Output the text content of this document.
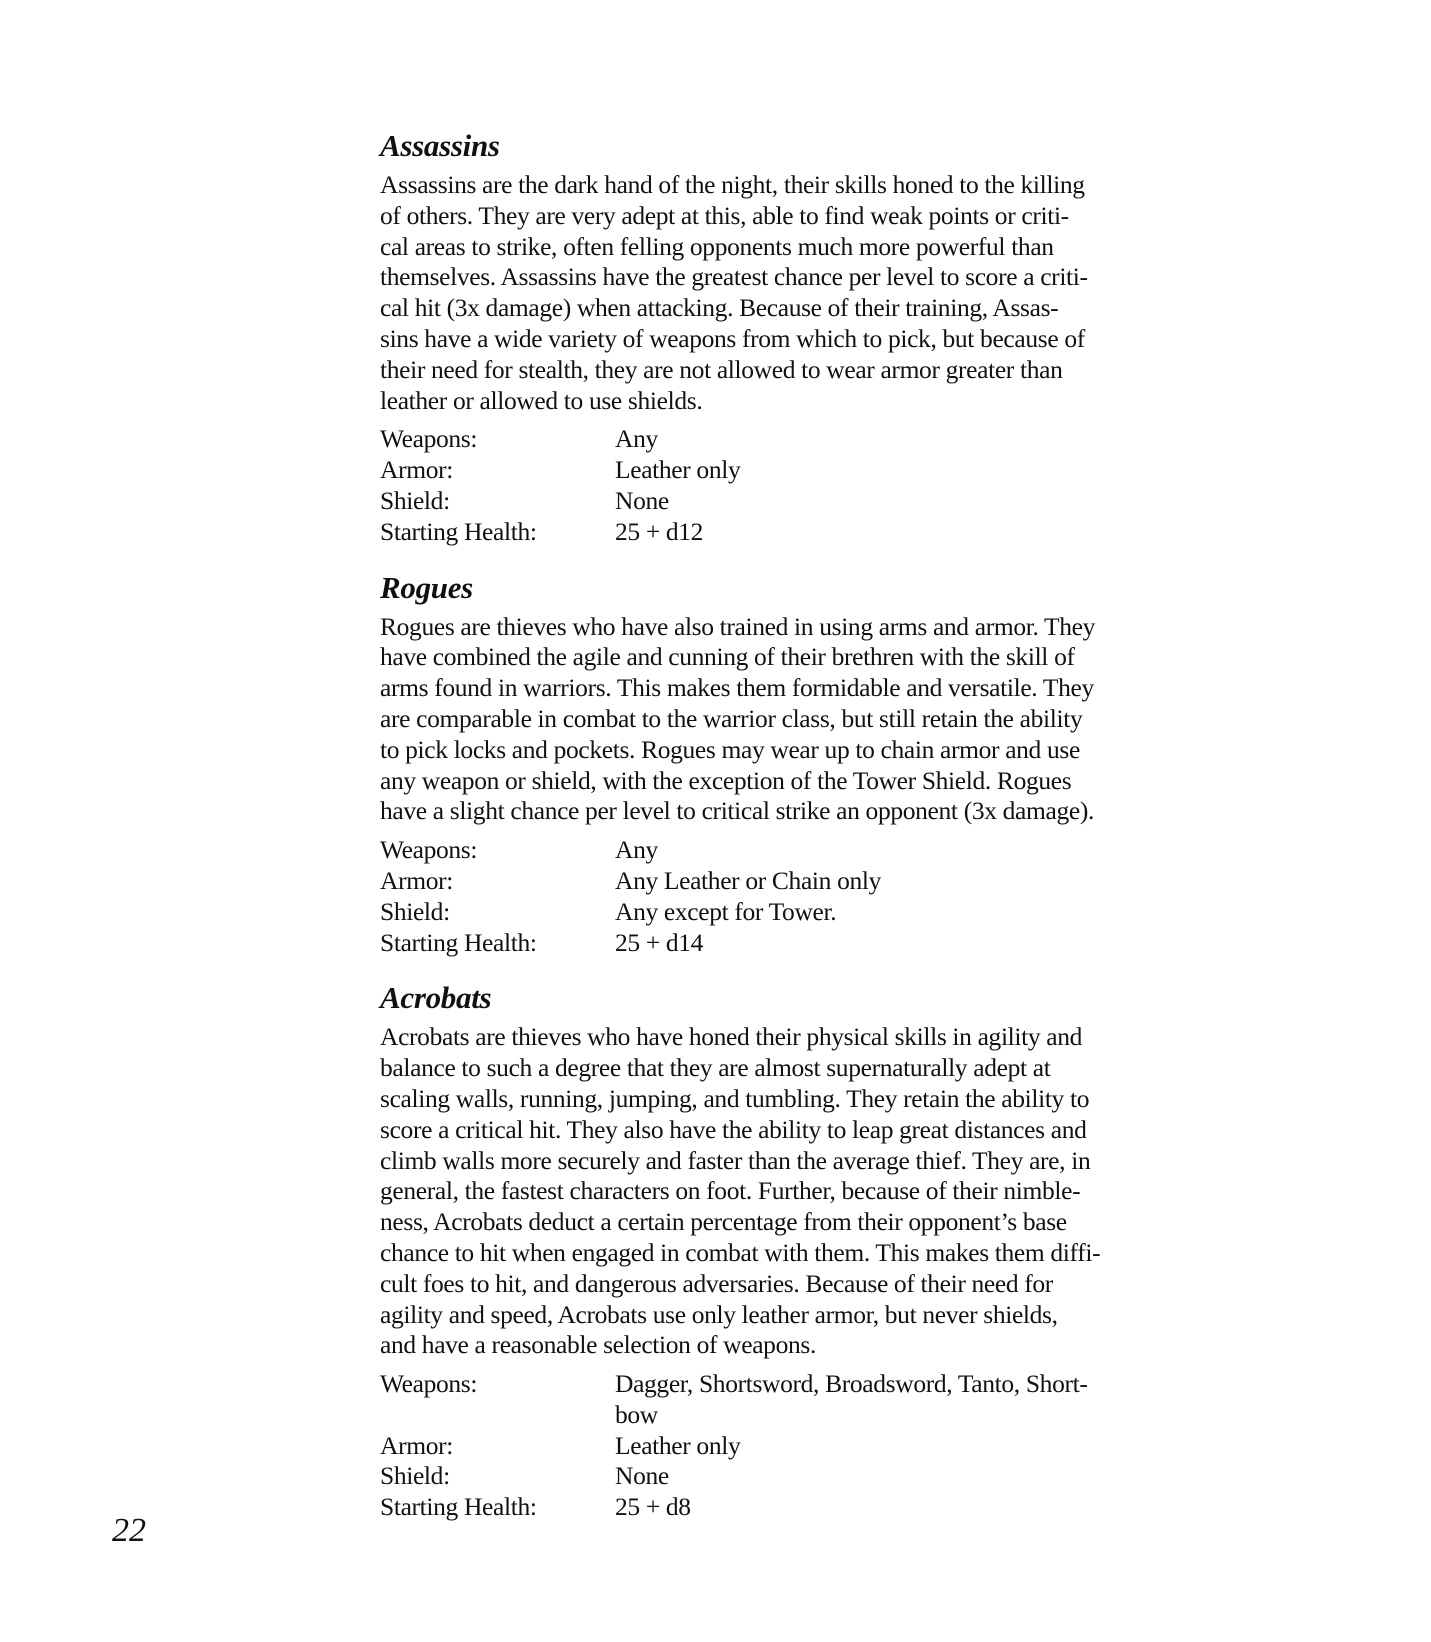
Assassins

Assassins are the dark hand of the night, their skills honed to the killing
of others. They are very adept at this, able to find weak points or criti-
cal areas to strike, often felling opponents much more powerful than
themselves. Assassins have the greatest chance per level to score a criti-
cal hit (3x damage) when attacking. Because of their training, Assas-
sins have a wide variety of weapons from which to pick, but because of
their need for stealth, they are not allowed to wear armor greater than
leather or allowed to use shields.

Weapons:	Any
Armor:	Leather only
Shield:	None
Starting Health:	25 + d12
Rogues

Rogues are thieves who have also trained in using arms and armor. They
have combined the agile and cunning of their brethren with the skill of
arms found in warriors. This makes them formidable and versatile. They
are comparable in combat to the warrior class, but still retain the ability
to pick locks and pockets. Rogues may wear up to chain armor and use
any weapon or shield, with the exception of the Tower Shield. Rogues
have a slight chance per level to critical strike an opponent (3x damage).

Weapons:	Any
Armor:	Any Leather or Chain only
Shield:	Any except for Tower.
Starting Health:	25 + d14
Acrobats

Acrobats are thieves who have honed their physical skills in agility and
balance to such a degree that they are almost supernaturally adept at
scaling walls, running, jumping, and tumbling. They retain the ability to
score a critical hit. They also have the ability to leap great distances and
climb walls more securely and faster than the average thief. They are, in
general, the fastest characters on foot. Further, because of their nimble-
ness, Acrobats deduct a certain percentage from their opponent’s base
chance to hit when engaged in combat with them. This makes them diffi-
cult foes to hit, and dangerous adversaries. Because of their need for
agility and speed, Acrobats use only leather armor, but never shields,
and have a reasonable selection of weapons.

Weapons:	Dagger, Shortsword, Broadsword, Tanto, Short-
bow
Armor:	Leather only
Shield:	None
Starting Health:	25 + d8
22
